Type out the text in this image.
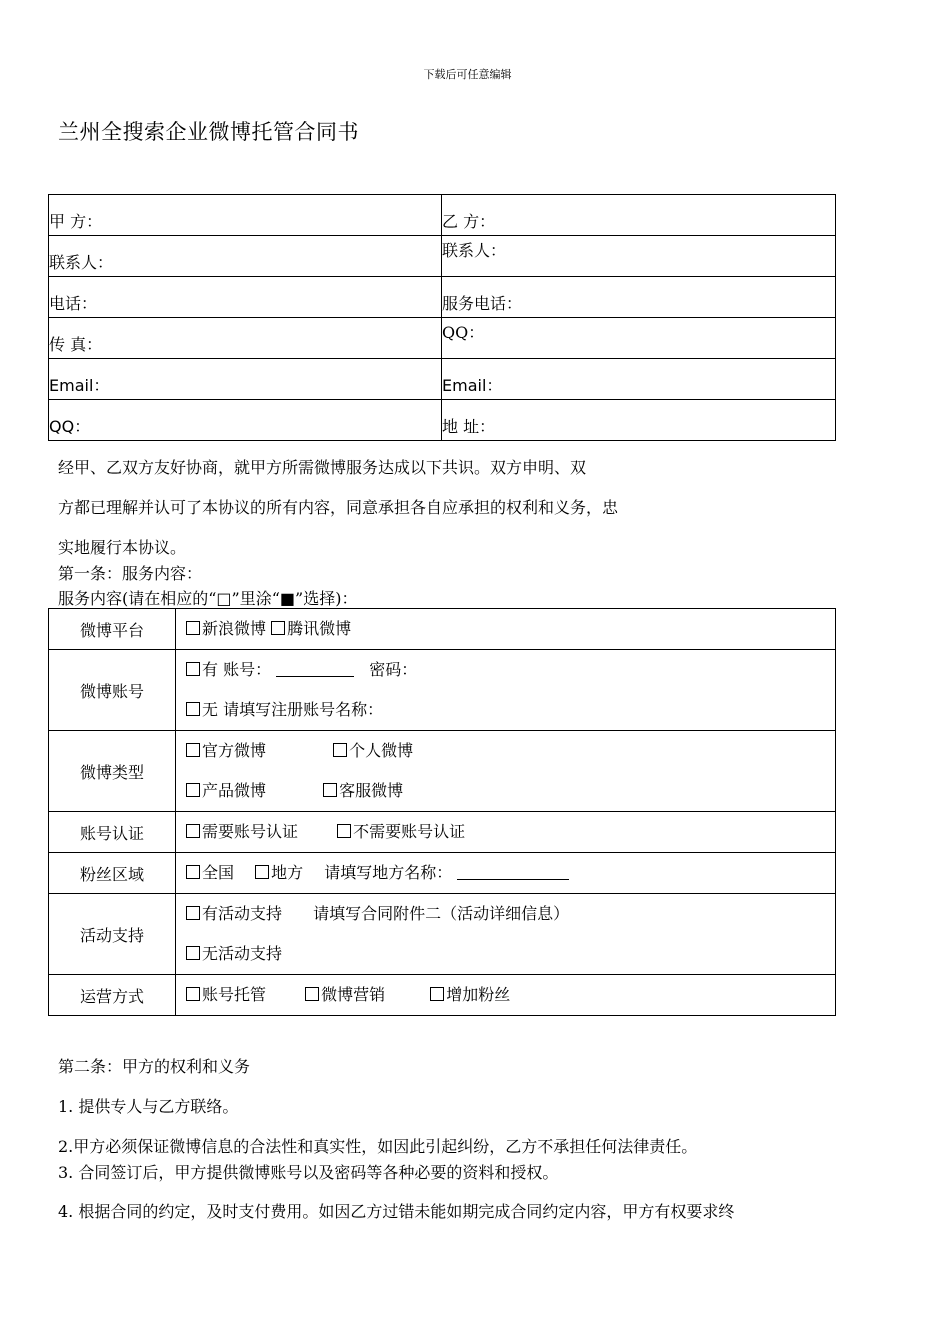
下载后可任意编辑
兰州全搜索企业微博托管合同书
甲 方：	乙 方：

联系人：	联系人：

电话：	服务电话：

传 真：	QQ：

Email：	Email：

QQ：	地 址：
经甲、乙双方友好协商，就甲方所需微博服务达成以下共识。双方申明、双
方都已理解并认可了本协议的所有内容，同意承担各自应承担的权利和义务，忠
实地履行本协议。
第一条：服务内容：
服务内容(请在相应的“□”里涂“■”选择)：
微博平台	新浪微博 腾讯微博

微博账号	有 账号： 密码：
无 请填写注册账号名称：

微博类型	官方微博 个人微博
产品微博 客服微博

账号认证	需要账号认证 不需要账号认证

粉丝区域	全国 地方 请填写地方名称：

活动支持	有活动支持 请填写合同附件二（活动详细信息）
无活动支持

运营方式	账号托管 微博营销 增加粉丝
第二条：甲方的权利和义务
1. 提供专人与乙方联络。
2.甲方必须保证微博信息的合法性和真实性，如因此引起纠纷，乙方不承担任何法律责任。
3. 合同签订后，甲方提供微博账号以及密码等各种必要的资料和授权。
4. 根据合同的约定，及时支付费用。如因乙方过错未能如期完成合同约定内容，甲方有权要求终
